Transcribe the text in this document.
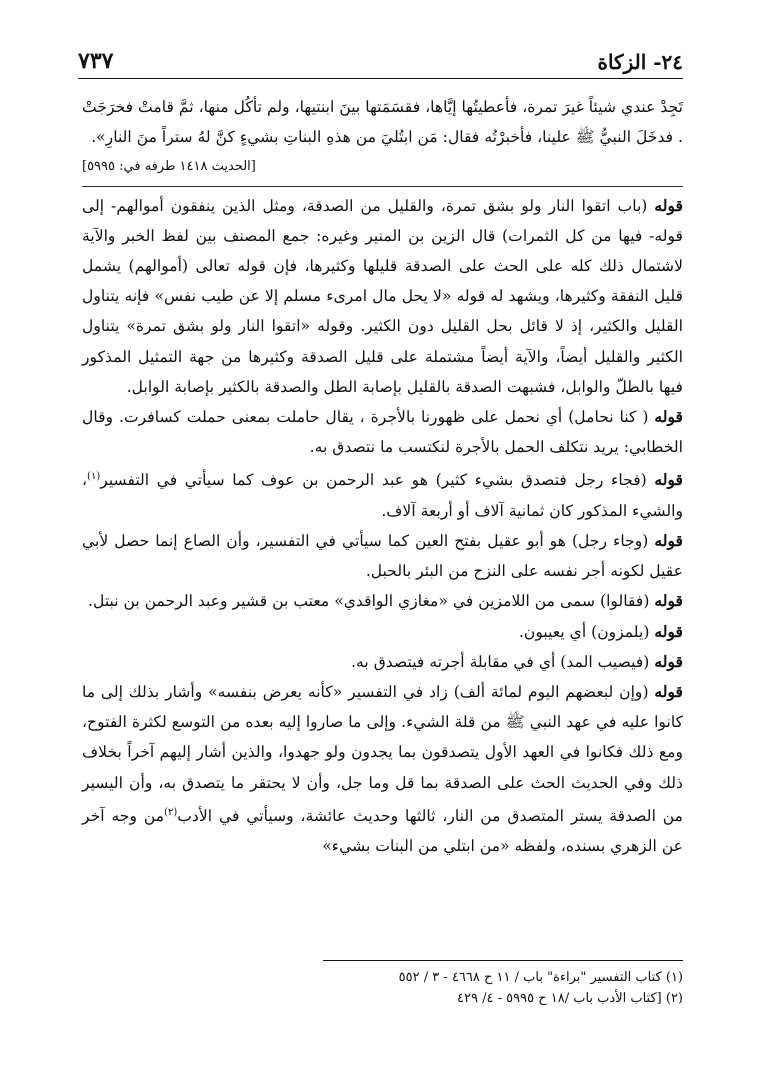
٧٣٧	٢٤- الزكاة

تَجِدْ عندي شيئاً غيرَ تمرة، فأعطيتُها إيَّاها، فقسَمَتها بينَ ابنتيها، ولم تأكُل منها، ثمَّ قامتْ فخرَجَتْ . فدخَلَ النبيُّ ﷺ علينا، فأخبرْتُه فقال: مَن ابتُليَ من هذهِ البناتِ بشيءٍ كنَّ لهُ ستراً منَ النارِ».

[الحديث ١٤١٨ طرفه في: ٥٩٩٥]

قوله (باب اتقوا النار ولو بشق تمرة، والقليل من الصدقة، ومثل الذين ينفقون أموالهم- إلى قوله- فيها من كل الثمرات) قال الزين بن المنير وغيره: جمع المصنف بين لفظ الخبر والآية لاشتمال ذلك كله على الحث على الصدقة قليلها وكثيرها، فإن قوله تعالى (أموالهم) يشمل قليل النفقة وكثيرها، ويشهد له قوله «لا يحل مال امرىء مسلم إلا عن طيب نفس» فإنه يتناول القليل والكثير، إذ لا قائل بحل القليل دون الكثير. وقوله «اتقوا النار ولو بشق تمرة» يتناول الكثير والقليل أيضاً، والآية أيضاً مشتملة على قليل الصدقة وكثيرها من جهة التمثيل المذكور فيها بالطلّ والوابل، فشبهت الصدقة بالقليل بإصابة الطل والصدقة بالكثير بإصابة الوابل.

قوله ( كنا نحامل) أي نحمل على ظهورنا بالأجرة ، يقال حاملت بمعنى حملت كسافرت. وقال الخطابي: يريد نتكلف الحمل بالأجرة لنكتسب ما نتصدق به.

قوله (فجاء رجل فتصدق بشيء كثير) هو عبد الرحمن بن عوف كما سيأتي في التفسير$^{(١)}$، والشيء المذكور كان ثمانية آلاف أو أربعة آلاف.

قوله (وجاء رجل) هو أبو عقيل بفتح العين كما سيأتي في التفسير، وأن الصاع إنما حصل لأبي عقيل لكونه أجر نفسه على النزح من البئر بالحبل.

قوله (فقالوا) سمى من اللامزين في «مغازي الواقدي» معتب بن قشير وعبد الرحمن بن نبتل.

قوله (يلمزون) أي يعيبون.

قوله (فيصيب المد) أي في مقابلة أجرته فيتصدق به.

قوله (وإن لبعضهم اليوم لمائة ألف) زاد في التفسير «كأنه يعرض بنفسه» وأشار بذلك إلى ما كانوا عليه في عهد النبي ﷺ من قلة الشيء. وإلى ما صاروا إليه بعده من التوسع لكثرة الفتوح، ومع ذلك فكانوا في العهد الأول يتصدقون بما يجدون ولو جهدوا، والذين أشار إليهم آخراً بخلاف ذلك وفي الحديث الحث على الصدقة بما قل وما جل، وأن لا يحتقر ما يتصدق به، وأن اليسير من الصدقة يستر المتصدق من النار، ثالثها وحديث عائشة، وسيأتي في الأدب$^{(٢)}$من وجه آخر عن الزهري بسنده، ولفظه «من ابتلي من البنات بشيء»

(١) كتاب التفسير "براءة" باب / ١١ ح ٤٦٦٨ - ٣ / ٥٥٢

(٢) [كتاب الأدب باب /١٨ ح ٥٩٩٥ - ٤/ ٤٢٩
